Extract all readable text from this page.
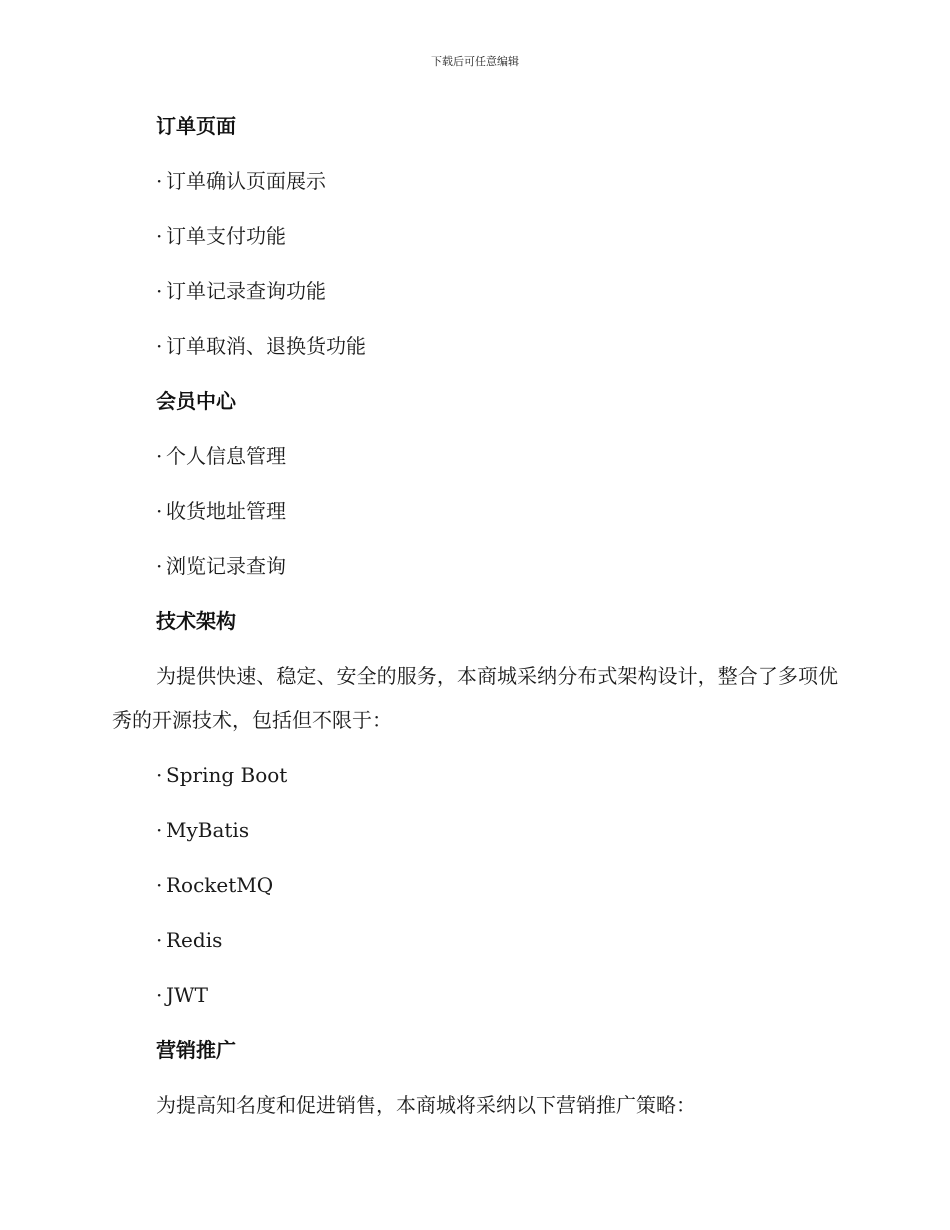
下载后可任意编辑
订单页面
· 订单确认页面展示
· 订单支付功能
· 订单记录查询功能
· 订单取消、退换货功能
会员中心
· 个人信息管理
· 收货地址管理
· 浏览记录查询
技术架构
为提供快速、稳定、安全的服务，本商城采纳分布式架构设计，整合了多项优秀的开源技术，包括但不限于：
· Spring Boot
· MyBatis
· RocketMQ
· Redis
· JWT
营销推广
为提高知名度和促进销售，本商城将采纳以下营销推广策略：
